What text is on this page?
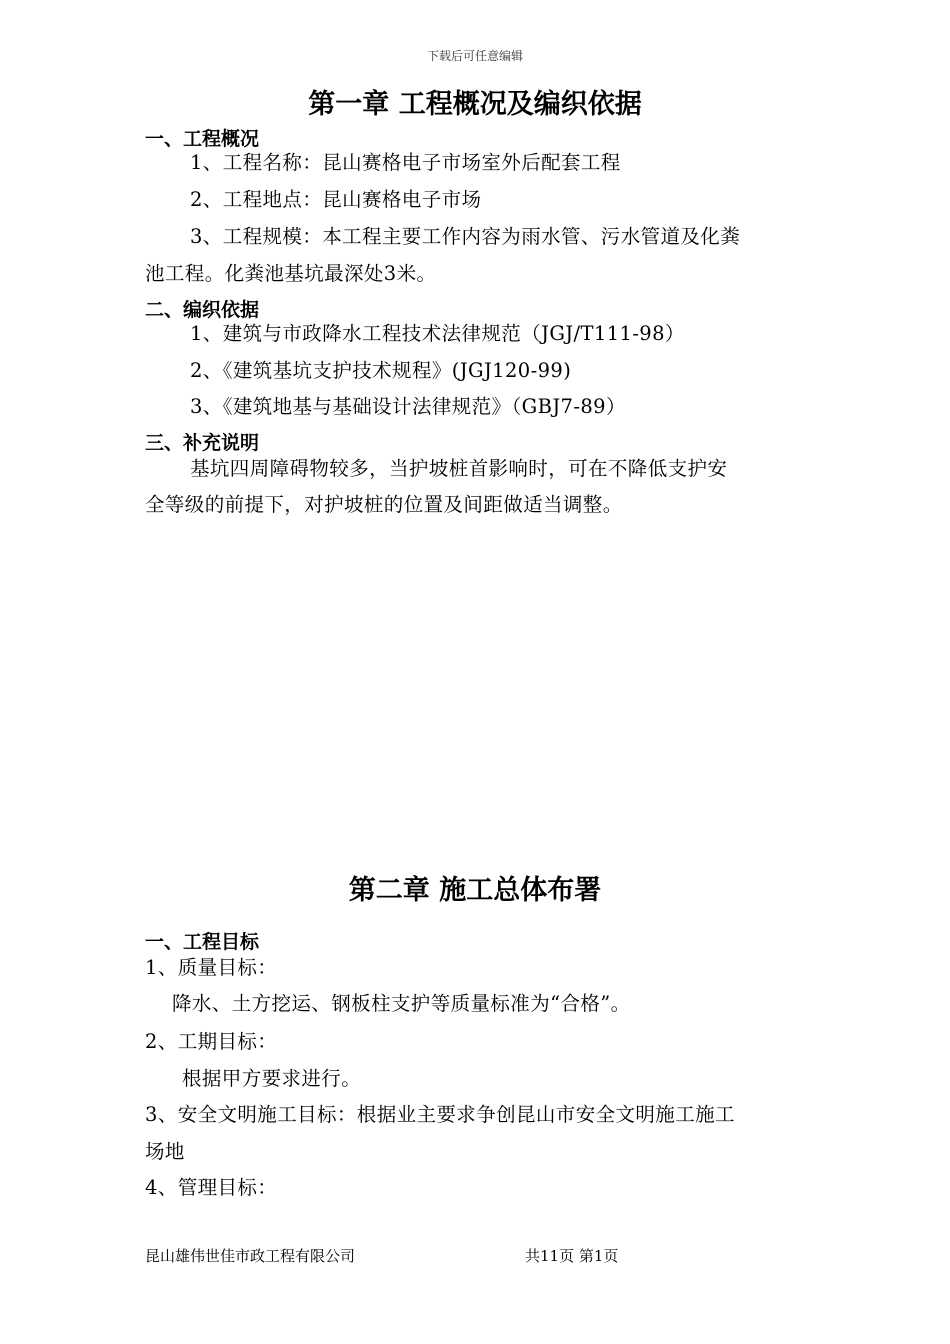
下载后可任意编辑
第一章 工程概况及编织依据
一、工程概况
1、工程名称：昆山赛格电子市场室外后配套工程
2、工程地点：昆山赛格电子市场
3、工程规模：本工程主要工作内容为雨水管、污水管道及化粪
池工程。化粪池基坑最深处3米。
二、编织依据
1、建筑与市政降水工程技术法律规范（JGJ/T111-98）
2、《建筑基坑支护技术规程》(JGJ120-99)
3、《建筑地基与基础设计法律规范》（GBJ7-89）
三、补充说明
基坑四周障碍物较多，当护坡桩首影响时，可在不降低支护安
全等级的前提下，对护坡桩的位置及间距做适当调整。
第二章 施工总体布署
一、工程目标
1、质量目标：
降水、土方挖运、钢板柱支护等质量标准为“合格”。
2、工期目标：
根据甲方要求进行。
3、安全文明施工目标：根据业主要求争创昆山市安全文明施工施工
场地
4、管理目标：
昆山雄伟世佳市政工程有限公司	共11页 第1页
